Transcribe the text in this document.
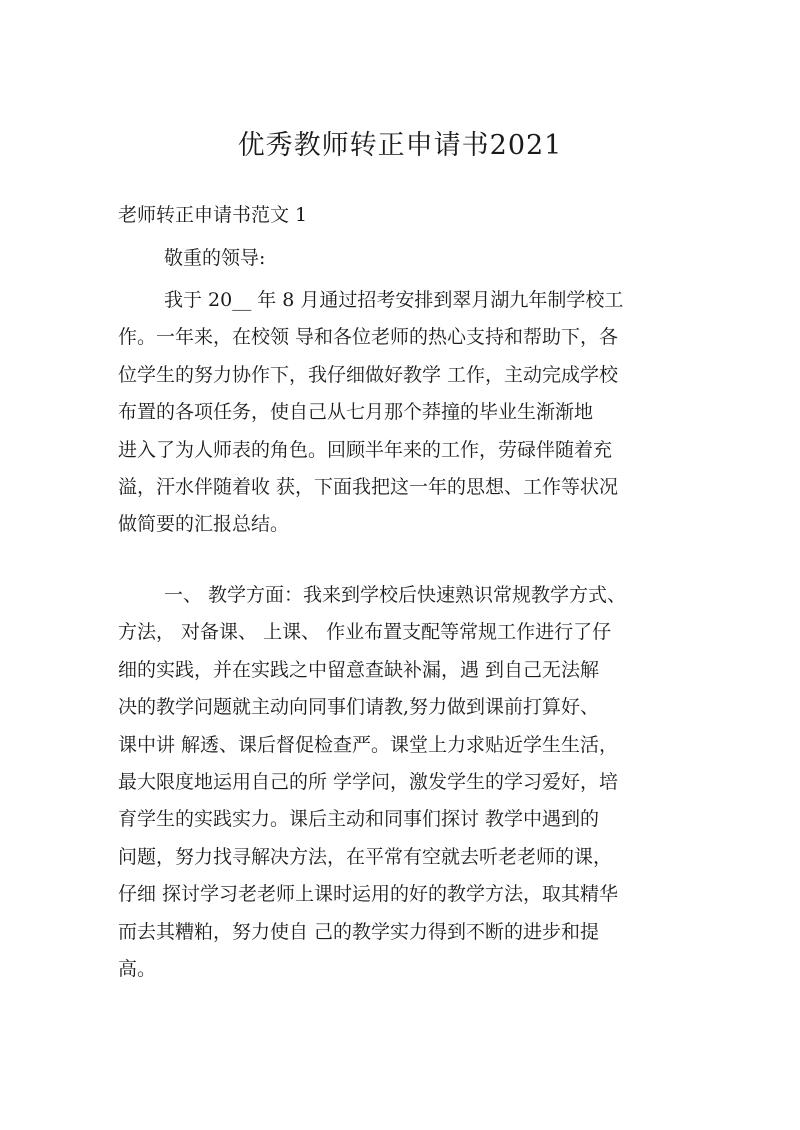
优秀教师转正申请书2021
老师转正申请书范文 1
敬重的领导:
我于 20__ 年 8 月通过招考安排到翠月湖九年制学校工
作。一年来，在校领 导和各位老师的热心支持和帮助下，各
位学生的努力协作下，我仔细做好教学 工作，主动完成学校
布置的各项任务，使自己从七月那个莽撞的毕业生渐渐地
进入了为人师表的角色。回顾半年来的工作，劳碌伴随着充
溢，汗水伴随着收 获，下面我把这一年的思想、工作等状况
做简要的汇报总结。
一、 教学方面：我来到学校后快速熟识常规教学方式、
方法， 对备课、 上课、 作业布置支配等常规工作进行了仔
细的实践，并在实践之中留意查缺补漏，遇 到自己无法解
决的教学问题就主动向同事们请教,努力做到课前打算好、
课中讲 解透、课后督促检查严。课堂上力求贴近学生生活，
最大限度地运用自己的所 学学问，激发学生的学习爱好，培
育学生的实践实力。课后主动和同事们探讨 教学中遇到的
问题，努力找寻解决方法，在平常有空就去听老老师的课，
仔细 探讨学习老老师上课时运用的好的教学方法，取其精华
而去其糟粕，努力使自 己的教学实力得到不断的进步和提
高。
